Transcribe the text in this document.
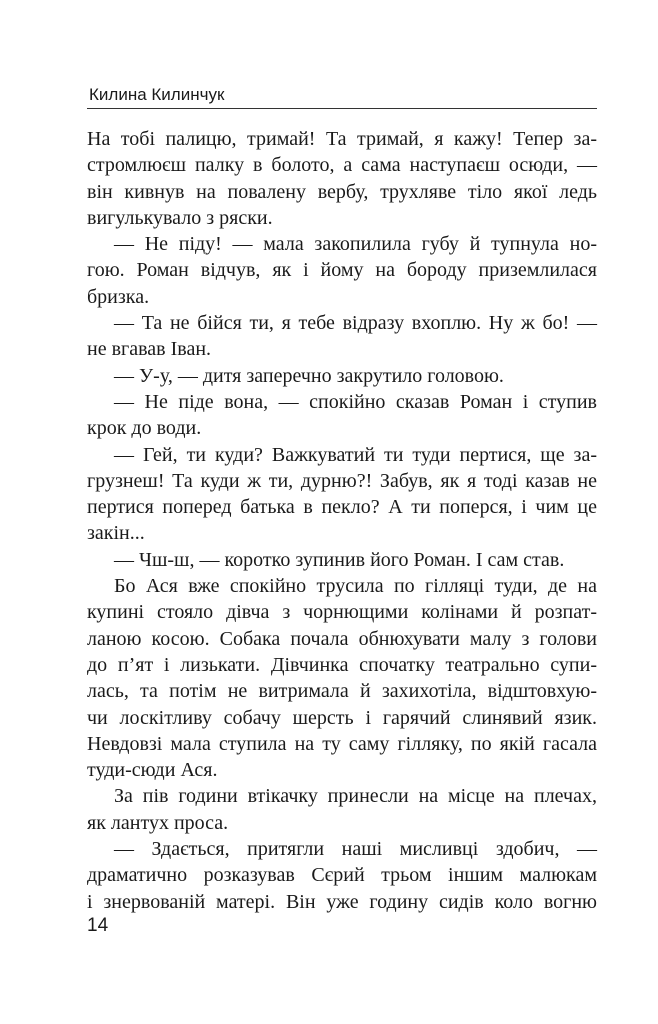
Килина Килинчук
На тобі палицю, тримай! Та тримай, я кажу! Тепер за-
стромлюєш палку в болото, а сама наступаєш осюди, —
він кивнув на повалену вербу, трухляве тіло якої ледь
вигулькувало з ряски.
— Не піду! — мала закопилила губу й тупнула но-
гою. Роман відчув, як і йому на бороду приземлилася
бризка.
— Та не бійся ти, я тебе відразу вхоплю. Ну ж бо! —
не вгавав Іван.
— У-у, — дитя заперечно закрутило головою.
— Не піде вона, — спокійно сказав Роман і ступив
крок до води.
— Гей, ти куди? Важкуватий ти туди пертися, ще за-
грузнеш! Та куди ж ти, дурню?! Забув, як я тоді казав не
пертися поперед батька в пекло? А ти поперся, і чим це
закін...
— Чш-ш, — коротко зупинив його Роман. І сам став.
Бо Ася вже спокійно трусила по гілляці туди, де на
купині стояло дівча з чорнющими колінами й розпат-
ланою косою. Собака почала обнюхувати малу з голови
до п’ят і лизькати. Дівчинка спочатку театрально супи-
лась, та потім не витримала й захихотіла, відштовхую-
чи лоскітливу собачу шерсть і гарячий слинявий язик.
Невдовзі мала ступила на ту саму гілляку, по якій гасала
туди-сюди Ася.
За пів години втікачку принесли на місце на плечах,
як лантух проса.
— Здається, притягли наші мисливці здобич, —
драматично розказував Сєрий трьом іншим малюкам
і знервованій матері. Він уже годину сидів коло вогню
14
